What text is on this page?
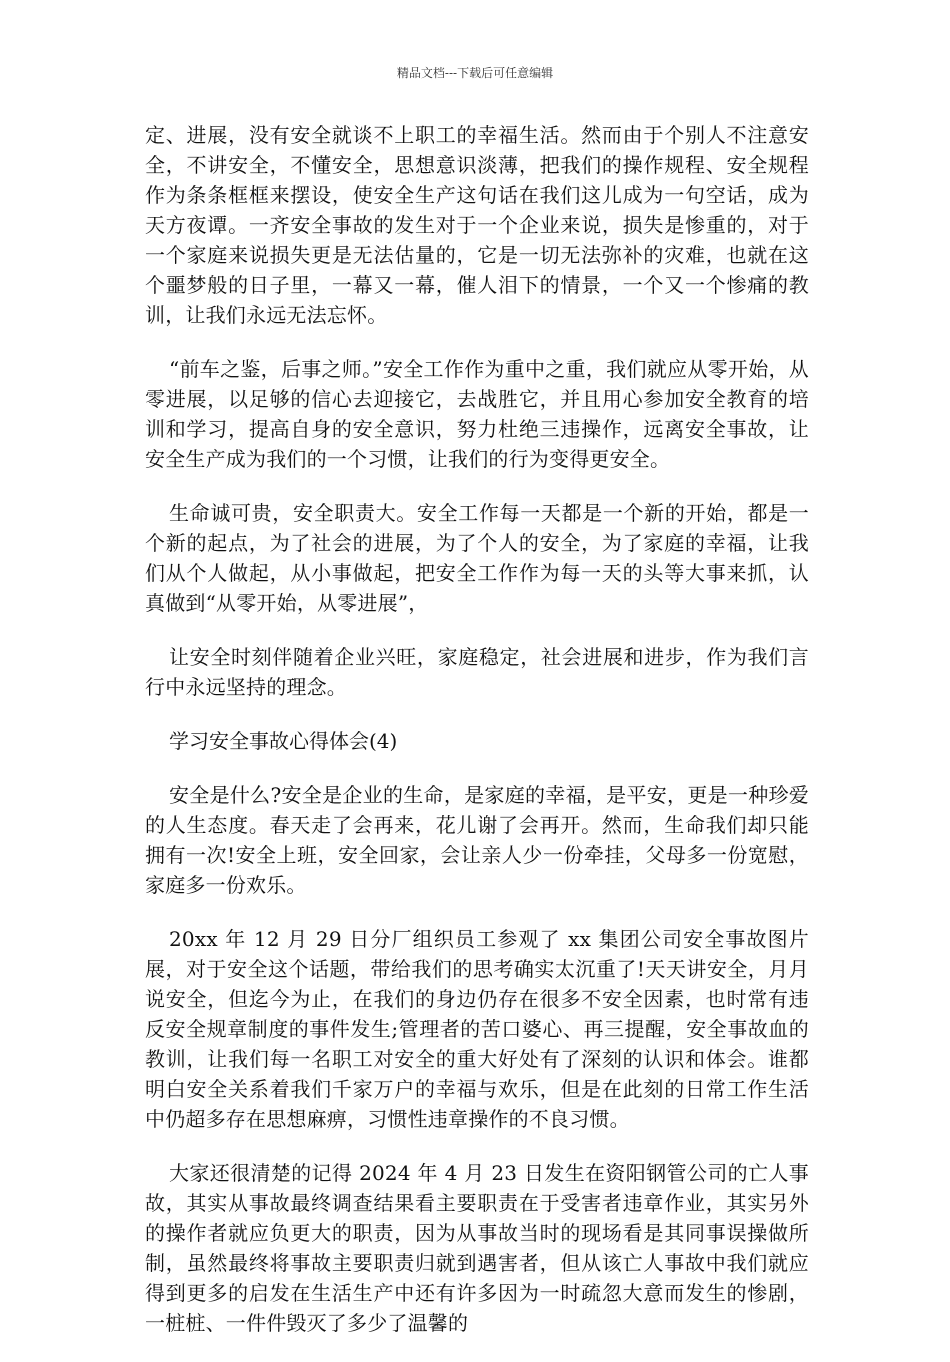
精品文档---下载后可任意编辑

定、进展，没有安全就谈不上职工的幸福生活。然而由于个别人不注意安全，不讲安全，不懂安全，思想意识淡薄，把我们的操作规程、安全规程作为条条框框来摆设，使安全生产这句话在我们这儿成为一句空话，成为天方夜谭。一齐安全事故的发生对于一个企业来说，损失是惨重的，对于一个家庭来说损失更是无法估量的，它是一切无法弥补的灾难，也就在这个噩梦般的日子里，一幕又一幕，催人泪下的情景，一个又一个惨痛的教训，让我们永远无法忘怀。

“前车之鉴，后事之师。”安全工作作为重中之重，我们就应从零开始，从零进展，以足够的信心去迎接它，去战胜它，并且用心参加安全教育的培训和学习，提高自身的安全意识，努力杜绝三违操作，远离安全事故，让安全生产成为我们的一个习惯，让我们的行为变得更安全。

生命诚可贵，安全职责大。安全工作每一天都是一个新的开始，都是一个新的起点，为了社会的进展，为了个人的安全，为了家庭的幸福，让我们从个人做起，从小事做起，把安全工作作为每一天的头等大事来抓，认真做到“从零开始，从零进展”，

让安全时刻伴随着企业兴旺，家庭稳定，社会进展和进步，作为我们言行中永远坚持的理念。

学习安全事故心得体会(4)

安全是什么?安全是企业的生命，是家庭的幸福，是平安，更是一种珍爱的人生态度。春天走了会再来，花儿谢了会再开。然而，生命我们却只能拥有一次!安全上班，安全回家，会让亲人少一份牵挂，父母多一份宽慰，家庭多一份欢乐。

20xx 年 12 月 29 日分厂组织员工参观了 xx 集团公司安全事故图片展，对于安全这个话题，带给我们的思考确实太沉重了!天天讲安全，月月说安全，但迄今为止，在我们的身边仍存在很多不安全因素，也时常有违反安全规章制度的事件发生;管理者的苦口婆心、再三提醒，安全事故血的教训，让我们每一名职工对安全的重大好处有了深刻的认识和体会。谁都明白安全关系着我们千家万户的幸福与欢乐，但是在此刻的日常工作生活中仍超多存在思想麻痹，习惯性违章操作的不良习惯。

大家还很清楚的记得 2024 年 4 月 23 日发生在资阳钢管公司的亡人事故，其实从事故最终调查结果看主要职责在于受害者违章作业，其实另外的操作者就应负更大的职责，因为从事故当时的现场看是其同事误操做所制，虽然最终将事故主要职责归就到遇害者，但从该亡人事故中我们就应得到更多的启发在生活生产中还有许多因为一时疏忽大意而发生的惨剧，一桩桩、一件件毁灭了多少了温馨的
